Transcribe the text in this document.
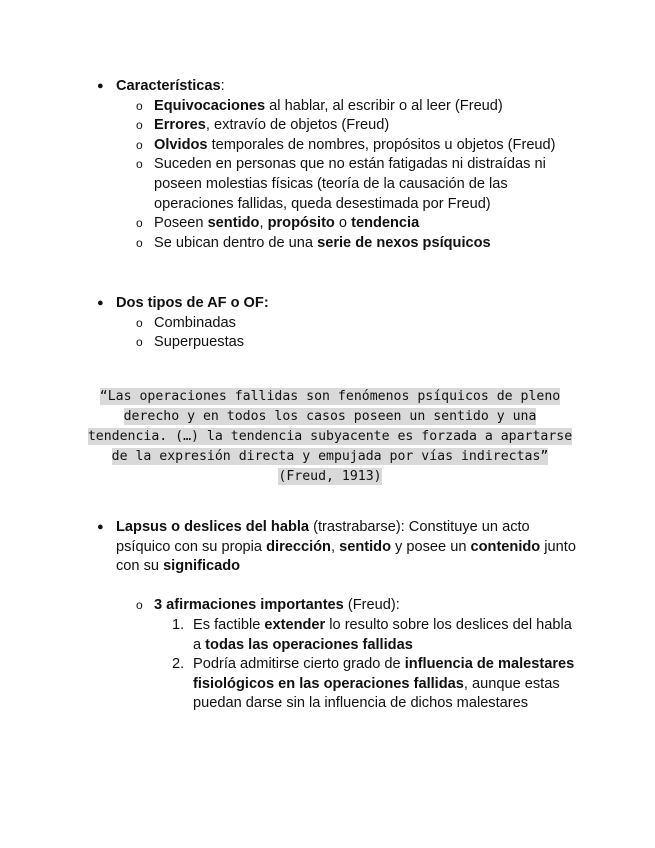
● Características:
o Equivocaciones al hablar, al escribir o al leer (Freud)
o Errores, extravío de objetos (Freud)
o Olvidos temporales de nombres, propósitos u objetos (Freud)
o Suceden en personas que no están fatigadas ni distraídas ni poseen molestias físicas (teoría de la causación de las operaciones fallidas, queda desestimada por Freud)
o Poseen sentido, propósito o tendencia
o Se ubican dentro de una serie de nexos psíquicos
● Dos tipos de AF o OF:
o Combinadas
o Superpuestas
“Las operaciones fallidas son fenómenos psíquicos de pleno derecho y en todos los casos poseen un sentido y una tendencia. (…) la tendencia subyacente es forzada a apartarse de la expresión directa y empujada por vías indirectas” (Freud, 1913)
● Lapsus o deslices del habla (trastrabarse): Constituye un acto psíquico con su propia dirección, sentido y posee un contenido junto con su significado
o 3 afirmaciones importantes (Freud):
1. Es factible extender lo resulto sobre los deslices del habla a todas las operaciones fallidas
2. Podría admitirse cierto grado de influencia de malestares fisiológicos en las operaciones fallidas, aunque estas puedan darse sin la influencia de dichos malestares
